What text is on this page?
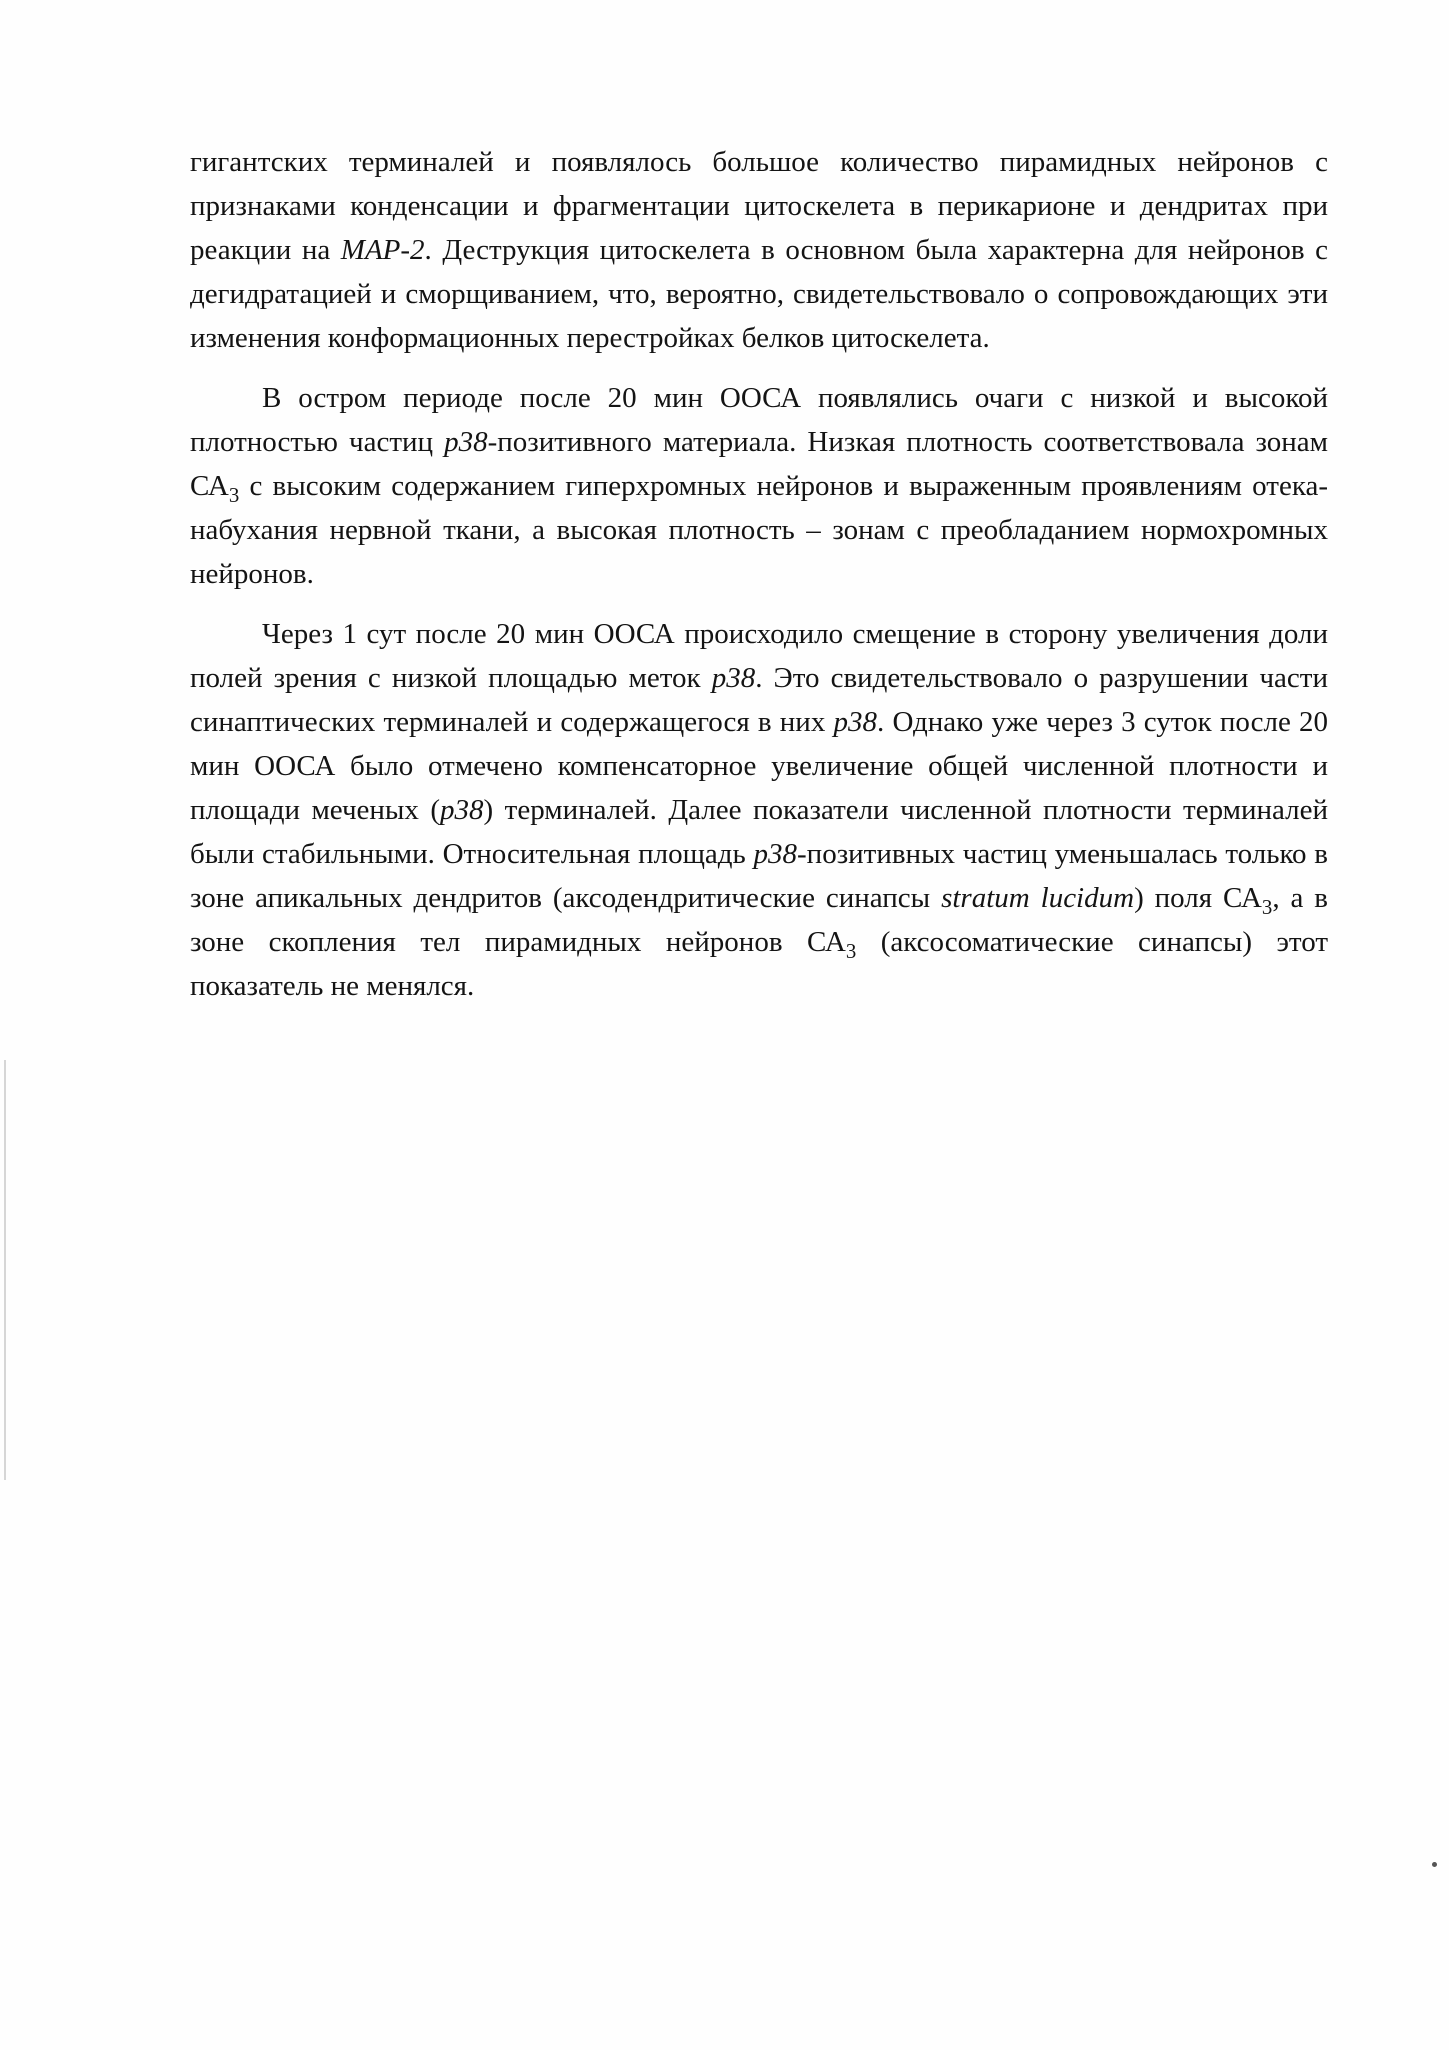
гигантских терминалей и появлялось большое количество пирамидных нейронов с признаками конденсации и фрагментации цитоскелета в перикарионе и дендритах при реакции на MAP-2. Деструкция цитоскелета в основном была характерна для нейронов с дегидратацией и сморщиванием, что, вероятно, свидетельствовало о сопровождающих эти изменения конформационных перестройках белков цитоскелета.

В остром периоде после 20 мин ООСА появлялись очаги с низкой и высокой плотностью частиц p38-позитивного материала. Низкая плотность соответствовала зонам $СА_3$ с высоким содержанием гиперхромных нейронов и выраженным проявлениям отека-набухания нервной ткани, а высокая плотность – зонам с преобладанием нормохромных нейронов.

Через 1 сут после 20 мин ООСА происходило смещение в сторону увеличения доли полей зрения с низкой площадью меток p38. Это свидетельствовало о разрушении части синаптических терминалей и содержащегося в них p38. Однако уже через 3 суток после 20 мин ООСА было отмечено компенсаторное увеличение общей численной плотности и площади меченых (p38) терминалей. Далее показатели численной плотности терминалей были стабильными. Относительная площадь p38-позитивных частиц уменьшалась только в зоне апикальных дендритов (аксодендритические синапсы stratum lucidum) поля $СА_3$, а в зоне скопления тел пирамидных нейронов $СА_3$ (аксосоматические синапсы) этот показатель не менялся.
